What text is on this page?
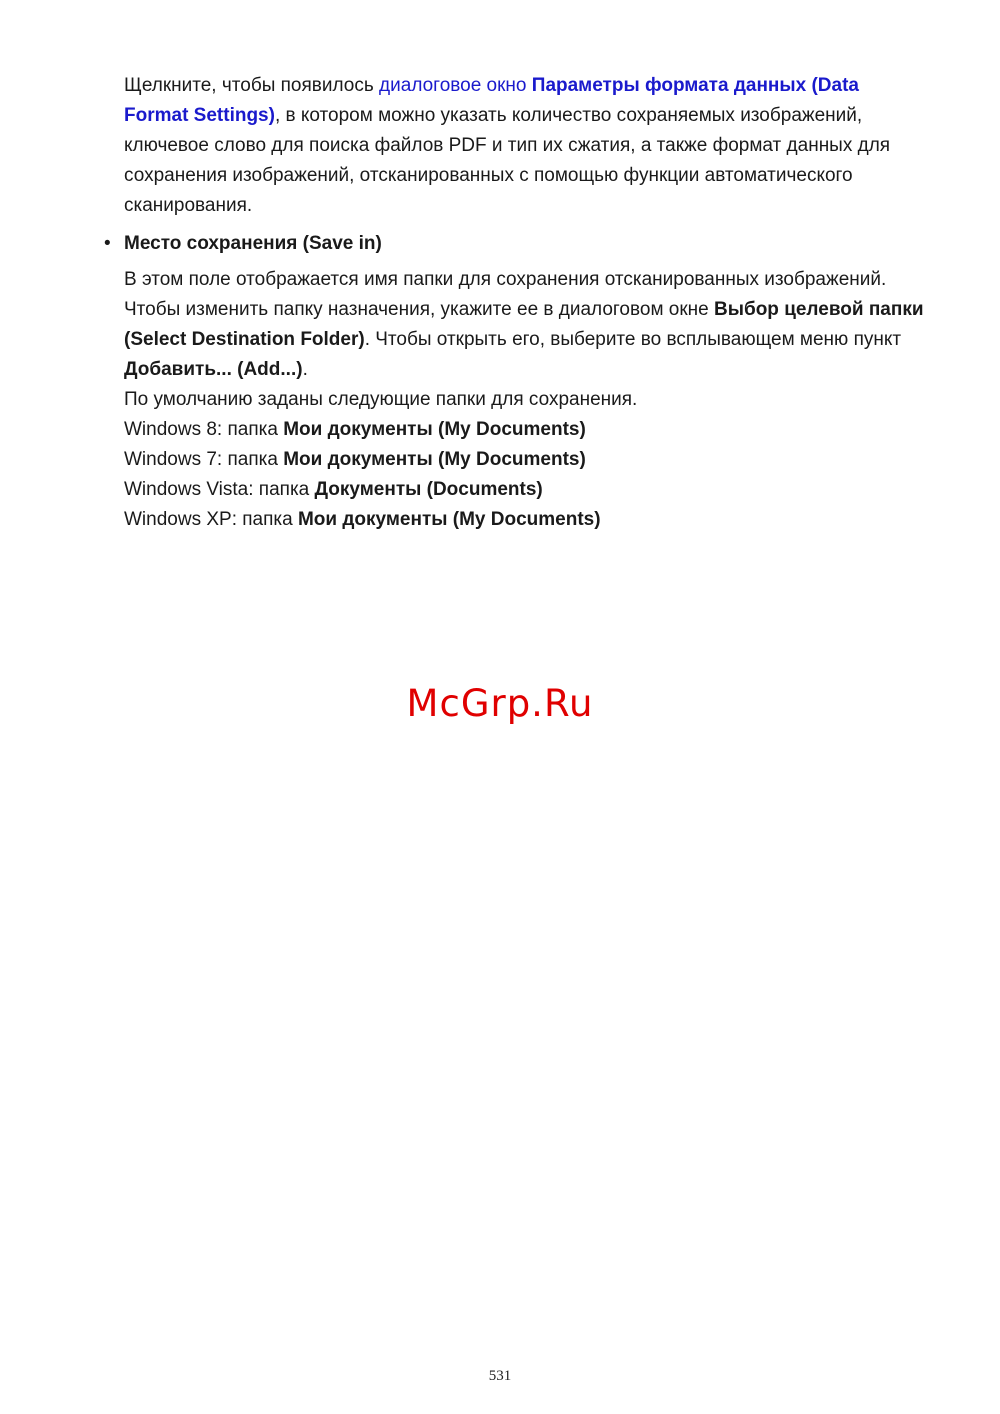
Щелкните, чтобы появилось диалоговое окно Параметры формата данных (Data Format Settings), в котором можно указать количество сохраняемых изображений, ключевое слово для поиска файлов PDF и тип их сжатия, а также формат данных для сохранения изображений, отсканированных с помощью функции автоматического сканирования.
• Место сохранения (Save in)
В этом поле отображается имя папки для сохранения отсканированных изображений. Чтобы изменить папку назначения, укажите ее в диалоговом окне Выбор целевой папки (Select Destination Folder). Чтобы открыть его, выберите во всплывающем меню пункт Добавить... (Add...).
По умолчанию заданы следующие папки для сохранения.
Windows 8: папка Мои документы (My Documents)
Windows 7: папка Мои документы (My Documents)
Windows Vista: папка Документы (Documents)
Windows XP: папка Мои документы (My Documents)
McGrp.Ru
531
